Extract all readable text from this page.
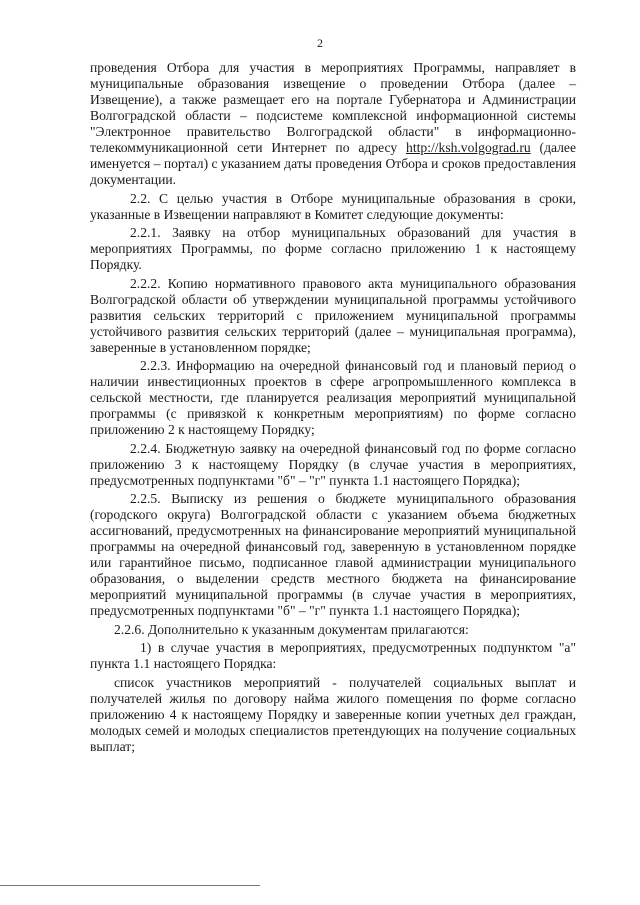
2

проведения Отбора для участия в мероприятиях Программы, направляет в муниципальные образования извещение о проведении Отбора (далее – Извещение), а также размещает его на портале Губернатора и Администрации Волгоградской области – подсистеме комплексной информационной системы "Электронное правительство Волгоградской области" в информационно-телекоммуникационной сети Интернет по адресу http://ksh.volgograd.ru (далее именуется – портал) с указанием даты проведения Отбора и сроков предоставления документации.

2.2. С целью участия в Отборе муниципальные образования в сроки, указанные в Извещении направляют в Комитет следующие документы:

2.2.1. Заявку на отбор муниципальных образований для участия в мероприятиях Программы, по форме согласно приложению 1 к настоящему Порядку.

2.2.2. Копию нормативного правового акта муниципального образования Волгоградской области об утверждении муниципальной программы устойчивого развития сельских территорий с приложением муниципальной программы устойчивого развития сельских территорий (далее – муниципальная программа), заверенные в установленном порядке;

2.2.3. Информацию на очередной финансовый год и плановый период о наличии инвестиционных проектов в сфере агропромышленного комплекса в сельской местности, где планируется реализация мероприятий муниципальной программы (с привязкой к конкретным мероприятиям) по форме согласно приложению 2 к настоящему Порядку;

2.2.4. Бюджетную заявку на очередной финансовый год по форме согласно приложению 3 к настоящему Порядку (в случае участия в мероприятиях, предусмотренных подпунктами "б" – "г" пункта 1.1 настоящего Порядка);

2.2.5. Выписку из решения о бюджете муниципального образования (городского округа) Волгоградской области с указанием объема бюджетных ассигнований, предусмотренных на финансирование мероприятий муниципальной программы на очередной финансовый год, заверенную в установленном порядке или гарантийное письмо, подписанное главой администрации муниципального образования, о выделении средств местного бюджета на финансирование мероприятий муниципальной программы (в случае участия в мероприятиях, предусмотренных подпунктами "б" – "г" пункта 1.1 настоящего Порядка);

2.2.6. Дополнительно к указанным документам прилагаются:

1) в случае участия в мероприятиях, предусмотренных подпунктом "а" пункта 1.1 настоящего Порядка:

список участников мероприятий - получателей социальных выплат и получателей жилья по договору найма жилого помещения по форме согласно приложению 4 к настоящему Порядку и заверенные копии учетных дел граждан, молодых семей и молодых специалистов претендующих на получение социальных выплат;
